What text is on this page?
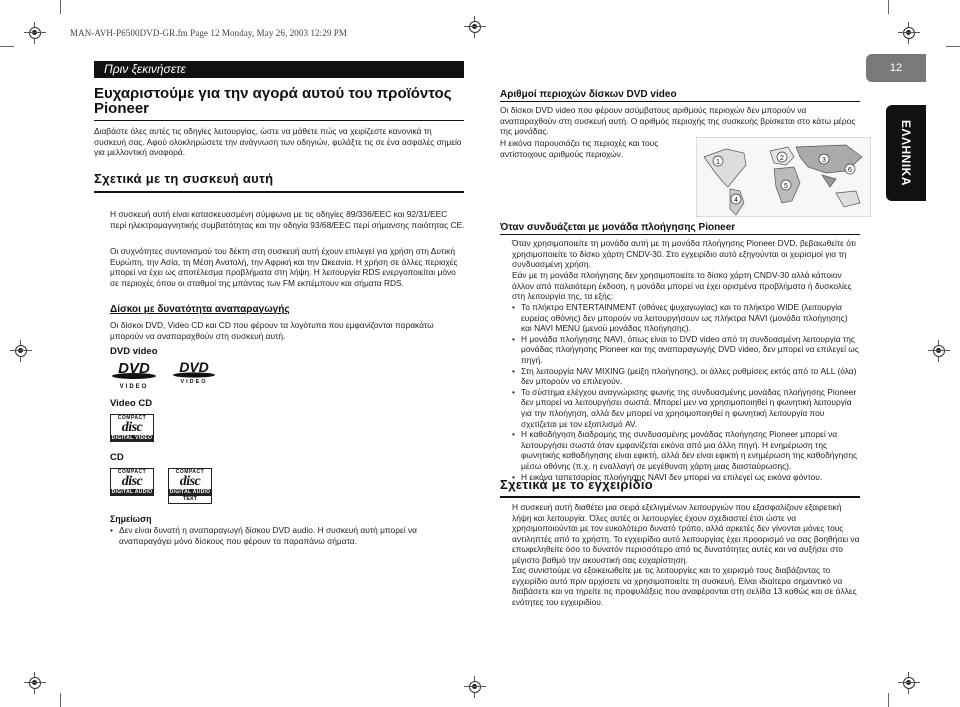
MAN-AVH-P6500DVD-GR.fm Page 12 Monday, May 26, 2003 12:29 PM
Πριν ξεκινήσετε	12
ΕΛΛΗΝΙΚΑ
Ευχαριστούμε για την αγορά αυτού του προϊόντος Pioneer
Διαβάστε όλες αυτές τις οδηγίες λειτουργίας, ώστε να μάθετε πώς να χειρίζεστε κανονικά τη συσκευή σας. Αφού ολοκληρώσετε την ανάγνωση των οδηγιών, φυλάξτε τις σε ένα ασφαλές σημείο για μελλοντική αναφορά.
Σχετικά με τη συσκευή αυτή
Η συσκευή αυτή είναι κατασκευασμένη σύμφωνα με τις οδηγίες 89/336/EEC και 92/31/EEC περί ηλεκτρομαγνητικής συμβατότητας και την οδηγία 93/68/EEC περί σήμανσης ποιότητας CE.
Οι συχνότητες συντονισμού του δέκτη στη συσκευή αυτή έχουν επιλεγεί για χρήση στη Δυτική Ευρώπη, την Ασία, τη Μέση Ανατολή, την Αφρική και την Ωκεανία. Η χρήση σε άλλες περιοχές μπορεί να έχει ως αποτέλεσμα προβλήματα στη λήψη. Η λειτουργία RDS ενεργοποιείται μόνο σε περιοχές όπου οι σταθμοί της μπάντας των FM εκπέμπουν και σήματα RDS.
Δίσκοι με δυνατότητα αναπαραγωγής
Οι δίσκοι DVD, Video CD και CD που φέρουν τα λογότυπα που εμφανίζονται παρακάτω μπορούν να αναπαραχθούν στη συσκευή αυτή.
DVD video
DVD
VIDEO
DVD
VIDEO
Video CD
COMPACT
disc
DIGITAL VIDEO
CD
COMPACT
disc
DIGITAL AUDIO
COMPACT
disc
DIGITAL AUDIO
TEXT
Σημείωση
• Δεν είναι δυνατή η αναπαραγωγή δίσκου DVD audio. Η συσκευή αυτή μπορεί να αναπαραγάγει μόνο δίσκους που φέρουν τα παραπάνω σήματα.
Αριθμοί περιοχών δίσκων DVD video
Οι δίσκοι DVD video που φέρουν ασύμβατους αριθμούς περιοχών δεν μπορούν να αναπαραχθούν στη συσκευή αυτή. Ο αριθμός περιοχής της συσκευής βρίσκεται στο κάτω μέρος της μονάδας.
Η εικόνα παρουσιάζει τις περιοχές και τους αντίστοιχους αριθμούς περιοχών.
1
2	3
4
5
6
Όταν συνδυάζεται με μονάδα πλοήγησης Pioneer
Όταν χρησιμοποιείτε τη μονάδα αυτή με τη μονάδα πλοήγησης Pioneer DVD, βεβαιωθείτε ότι χρησιμοποιείτε το δίσκο χάρτη CNDV-30. Στο εγχειρίδιο αυτό εξηγούνται οι χειρισμοί για τη συνδυασμένη χρήση.
Εάν με τη μονάδα πλοήγησης δεν χρησιμοποιείτε το δίσκο χάρτη CNDV-30 αλλά κάποιον άλλον από παλαιότερη έκδοση, η μονάδα μπορεί να έχει ορισμένα προβλήματα ή δυσκολίες στη λειτουργία της, τα εξής:
• Το πλήκτρο ENTERTAINMENT (οθόνες ψυχαγωγίας) και το πλήκτρο WIDE (λειτουργία ευρείας οθόνης) δεν μπορούν να λειτουργήσουν ως πλήκτρα NAVI (μονάδα πλοήγησης) και NAVI MENU (μενού μονάδας πλοήγησης).
• Η μονάδα πλοήγησης NAVI, όπως είναι το DVD video από τη συνδυασμένη λειτουργία της μονάδας πλοήγησης Pioneer και της αναπαραγωγής DVD video, δεν μπορεί να επιλεγεί ως πηγή.
• Στη λειτουργία NAV MIXING (μείξη πλοήγησης), οι άλλες ρυθμίσεις εκτός από το ALL (όλα) δεν μπορούν να επιλεγούν.
• Το σύστημα ελέγχου αναγνώρισης φωνής της συνδυασμένης μονάδας πλοήγησης Pioneer δεν μπορεί να λειτουργήσει σωστά. Μπορεί μεν να χρησιμοποιηθεί η φωνητική λειτουργία για την πλοήγηση, αλλά δεν μπορεί να χρησιμοποιηθεί η φωνητική λειτουργία που σχετίζεται με τον εξοπλισμό AV.
• Η καθοδήγηση διαδρομής της συνδυασμένης μονάδας πλοήγησης Pioneer μπορεί να λειτουργήσει σωστά όταν εμφανίζεται εικόνα από μια άλλη πηγή. Η ενημέρωση της φωνητικής καθοδήγησης είναι εφικτή, αλλά δεν είναι εφικτή η ενημέρωση της καθοδήγησης μέσω οθόνης (π.χ. η εναλλαγή σε μεγέθυνση χάρτη μιας διασταύρωσης).
• Η εικόνα ταπετσαρίας πλοήγησης NAVI δεν μπορεί να επιλεγεί ως εικόνα φόντου.
Σχετικά με το εγχειρίδιο
Η συσκευή αυτή διαθέτει μια σειρά εξελιγμένων λειτουργιών που εξασφαλίζουν εξαιρετική λήψη και λειτουργία. Όλες αυτές οι λειτουργίες έχουν σχεδιαστεί έτσι ώστε να χρησιμοποιούνται με τον ευκολότερο δυνατό τρόπο, αλλά αρκετές δεν γίνονται μόνες τους αντιληπτές από το χρήστη. Το εγχειρίδιο αυτό λειτουργίας έχει προορισμό να σας βοηθήσει να επωφεληθείτε όσο το δυνατόν περισσότερο από τις δυνατότητες αυτές και να αυξήσει στο μέγιστο βαθμό την ακουστική σας ευχαρίστηση.
Σας συνιστούμε να εξοικειωθείτε με τις λειτουργίες και το χειρισμό τους διαβάζοντας το εγχειρίδιο αυτό πριν αρχίσετε να χρησιμοποιείτε τη συσκευή. Είναι ιδιαίτερα σημαντικό να διαβάσετε και να τηρείτε τις προφυλάξεις που αναφέρονται στη σελίδα 13 καθώς και σε άλλες ενότητες του εγχειριδίου.
